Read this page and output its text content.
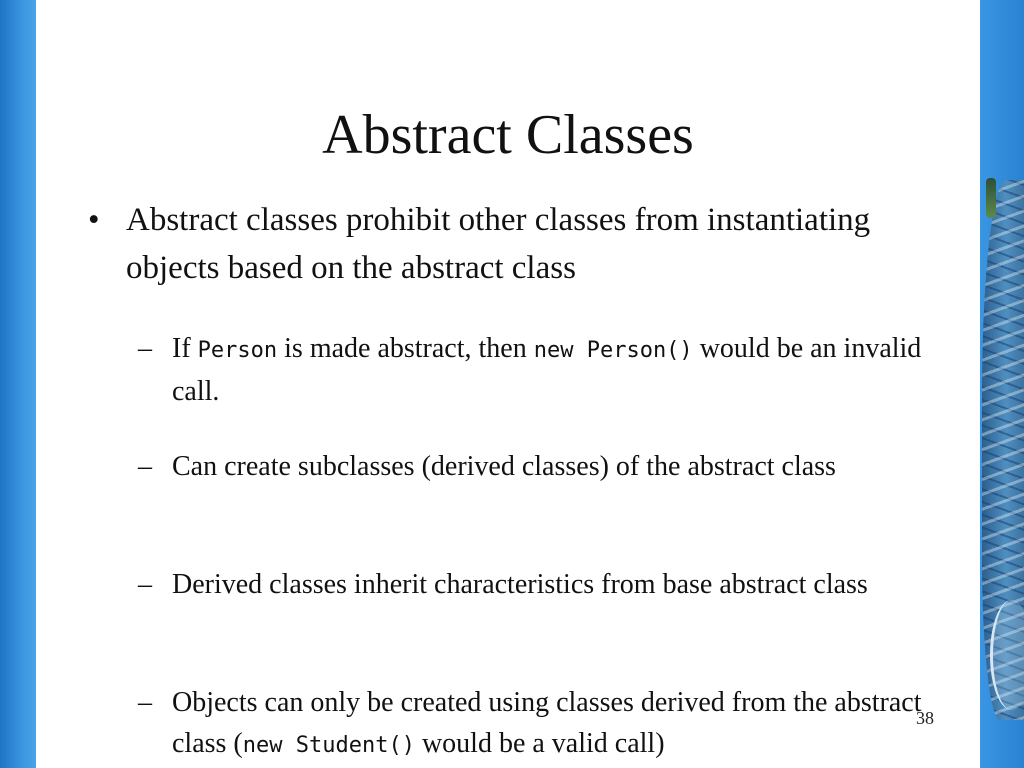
Abstract Classes
• Abstract classes prohibit other classes from instantiating objects based on the abstract class
– If Person is made abstract, then new Person() would be an invalid call.
– Can create subclasses (derived classes) of the abstract class
– Derived classes inherit characteristics from base abstract class
– Objects can only be created using classes derived from the abstract class (new Student() would be a valid call)
38
